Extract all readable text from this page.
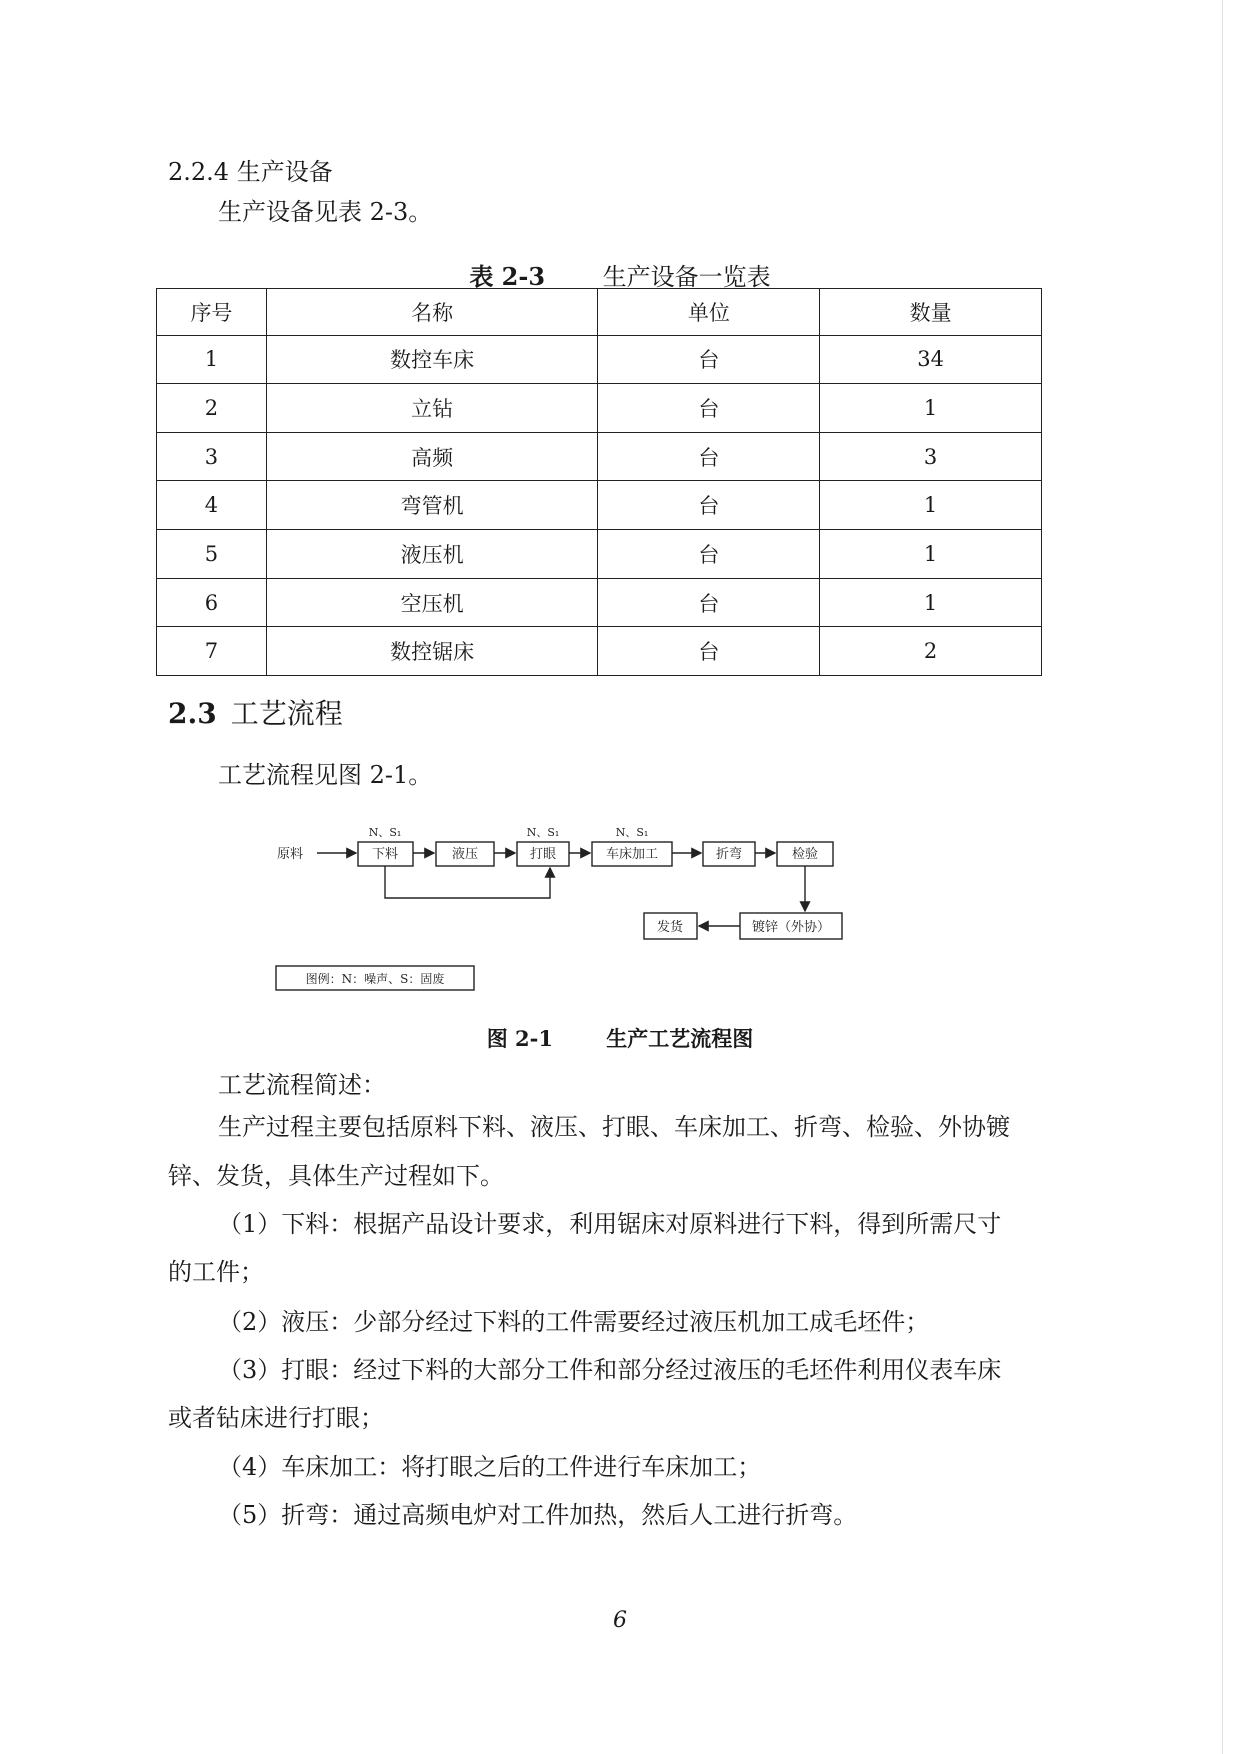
2.2.4 生产设备
生产设备见表 2-3。
表 2-3 生产设备一览表
序号	名称	单位	数量
1	数控车床	台	34
2	立钻	台	1
3	高频	台	3
4	弯管机	台	1
5	液压机	台	1
6	空压机	台	1
7	数控锯床	台	2
2.3 工艺流程
工艺流程见图 2-1。
原料
N、S₁	N、S₁	N、S₁
下料	液压	打眼	车床加工	折弯	检验
镀锌（外协）
发货
图例：N：噪声、S：固废
图 2-1	生产工艺流程图
工艺流程简述：
生产过程主要包括原料下料、液压、打眼、车床加工、折弯、检验、外协镀
锌、发货，具体生产过程如下。
（1）下料：根据产品设计要求，利用锯床对原料进行下料，得到所需尺寸
的工件；
（2）液压：少部分经过下料的工件需要经过液压机加工成毛坯件；
（3）打眼：经过下料的大部分工件和部分经过液压的毛坯件利用仪表车床
或者钻床进行打眼；
（4）车床加工：将打眼之后的工件进行车床加工；
（5）折弯：通过高频电炉对工件加热，然后人工进行折弯。
6
